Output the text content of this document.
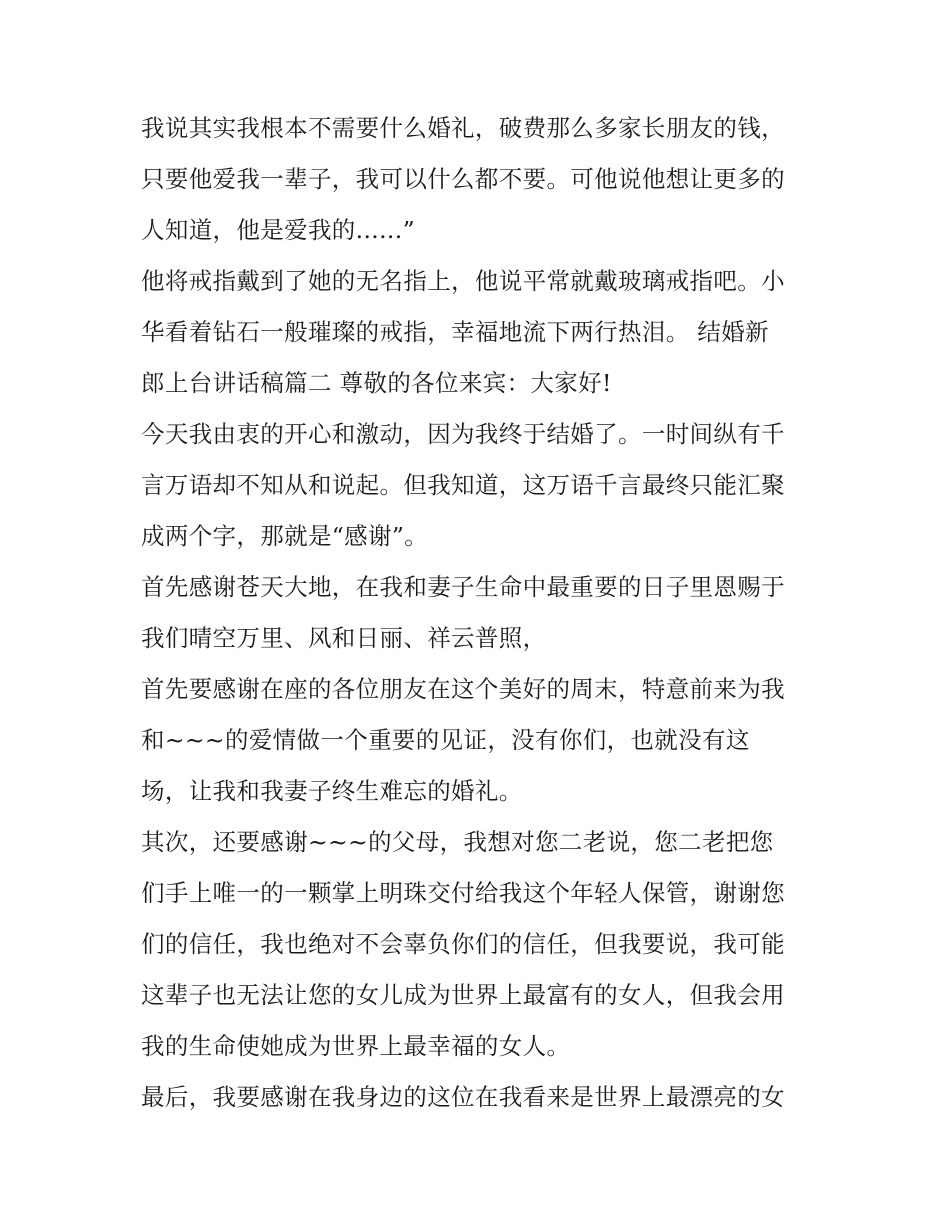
我说其实我根本不需要什么婚礼，破费那么多家长朋友的钱，
只要他爱我一辈子，我可以什么都不要。可他说他想让更多的
人知道，他是爱我的......”
他将戒指戴到了她的无名指上，他说平常就戴玻璃戒指吧。小
华看着钻石一般璀璨的戒指，幸福地流下两行热泪。 结婚新
郎上台讲话稿篇二 尊敬的各位来宾：大家好!
今天我由衷的开心和激动，因为我终于结婚了。一时间纵有千
言万语却不知从和说起。但我知道，这万语千言最终只能汇聚
成两个字，那就是“感谢”。
首先感谢苍天大地，在我和妻子生命中最重要的日子里恩赐于
我们晴空万里、风和日丽、祥云普照，
首先要感谢在座的各位朋友在这个美好的周末，特意前来为我
和~~~的爱情做一个重要的见证，没有你们，也就没有这
场，让我和我妻子终生难忘的婚礼。
其次，还要感谢~~~的父母，我想对您二老说，您二老把您
们手上唯一的一颗掌上明珠交付给我这个年轻人保管，谢谢您
们的信任，我也绝对不会辜负你们的信任，但我要说，我可能
这辈子也无法让您的女儿成为世界上最富有的女人，但我会用
我的生命使她成为世界上最幸福的女人。
最后，我要感谢在我身边的这位在我看来是世界上最漂亮的女
